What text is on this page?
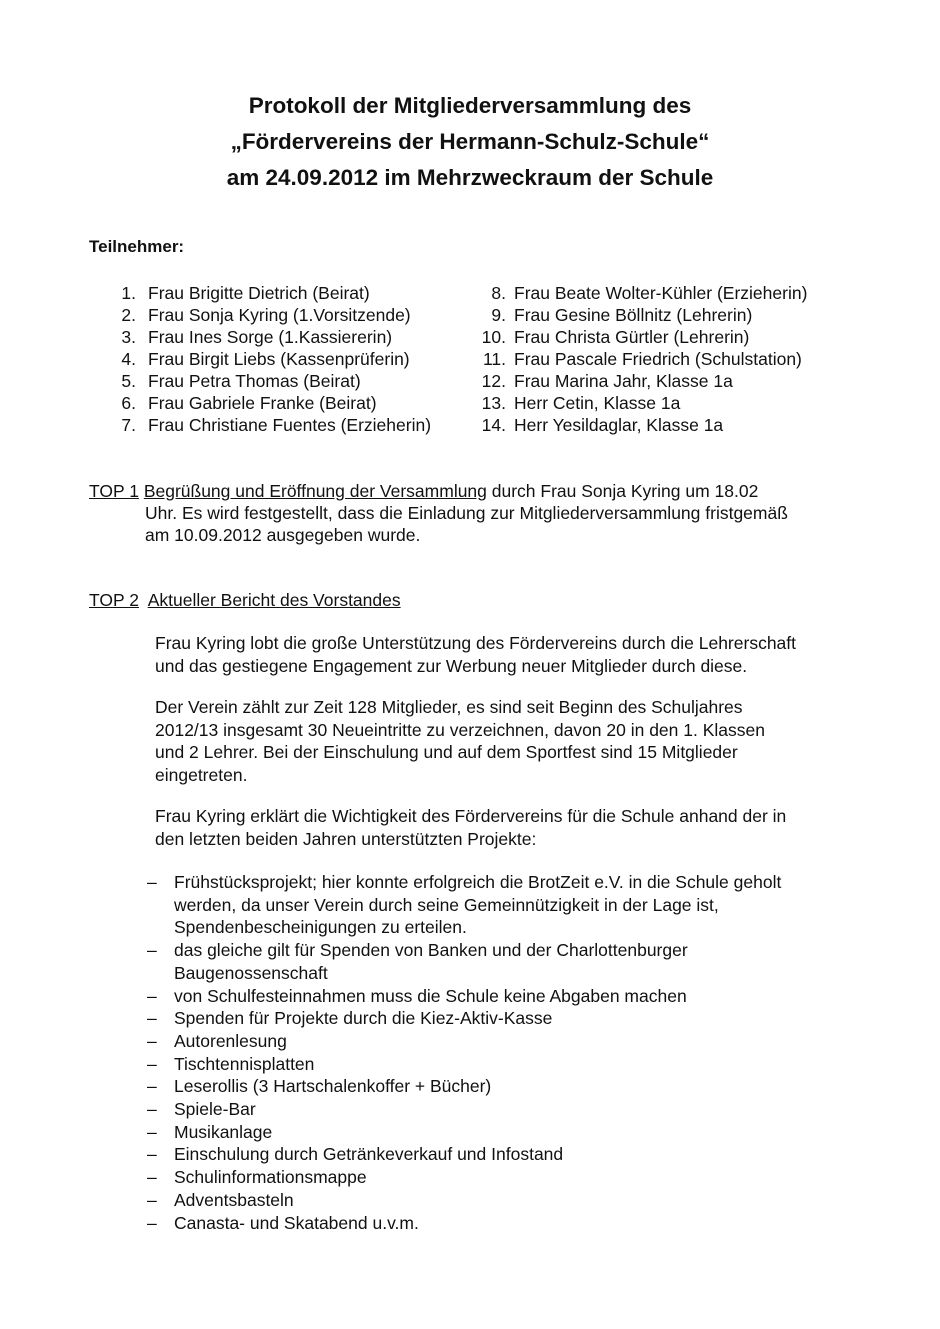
Protokoll der Mitgliederversammlung des
„Fördervereins der Hermann-Schulz-Schule“
am 24.09.2012 im Mehrzweckraum der Schule
Teilnehmer:
1. Frau Brigitte Dietrich (Beirat)
2. Frau Sonja Kyring (1.Vorsitzende)
3. Frau Ines Sorge (1.Kassiererin)
4. Frau Birgit Liebs (Kassenprüferin)
5. Frau Petra Thomas (Beirat)
6. Frau Gabriele Franke (Beirat)
7. Frau Christiane Fuentes (Erzieherin)
8. Frau Beate Wolter-Kühler (Erzieherin)
9. Frau Gesine Böllnitz (Lehrerin)
10. Frau Christa Gürtler (Lehrerin)
11. Frau Pascale Friedrich (Schulstation)
12. Frau Marina Jahr, Klasse 1a
13. Herr Cetin, Klasse 1a
14. Herr Yesildaglar, Klasse 1a
TOP 1 Begrüßung und Eröffnung der Versammlung durch Frau Sonja Kyring um 18.02
Uhr. Es wird festgestellt, dass die Einladung zur Mitgliederversammlung fristgemäß
am 10.09.2012 ausgegeben wurde.
TOP 2 Aktueller Bericht des Vorstandes
Frau Kyring lobt die große Unterstützung des Fördervereins durch die Lehrerschaft
und das gestiegene Engagement zur Werbung neuer Mitglieder durch diese.
Der Verein zählt zur Zeit 128 Mitglieder, es sind seit Beginn des Schuljahres
2012/13 insgesamt 30 Neueintritte zu verzeichnen, davon 20 in den 1. Klassen
und 2 Lehrer. Bei der Einschulung und auf dem Sportfest sind 15 Mitglieder
eingetreten.
Frau Kyring erklärt die Wichtigkeit des Fördervereins für die Schule anhand der in
den letzten beiden Jahren unterstützten Projekte:
– Frühstücksprojekt; hier konnte erfolgreich die BrotZeit e.V. in die Schule geholt
werden, da unser Verein durch seine Gemeinnützigkeit in der Lage ist,
Spendenbescheinigungen zu erteilen.
– das gleiche gilt für Spenden von Banken und der Charlottenburger
Baugenossenschaft
– von Schulfesteinnahmen muss die Schule keine Abgaben machen
– Spenden für Projekte durch die Kiez-Aktiv-Kasse
– Autorenlesung
– Tischtennisplatten
– Leserollis (3 Hartschalenkoffer + Bücher)
– Spiele-Bar
– Musikanlage
– Einschulung durch Getränkeverkauf und Infostand
– Schulinformationsmappe
– Adventsbasteln
– Canasta- und Skatabend u.v.m.
